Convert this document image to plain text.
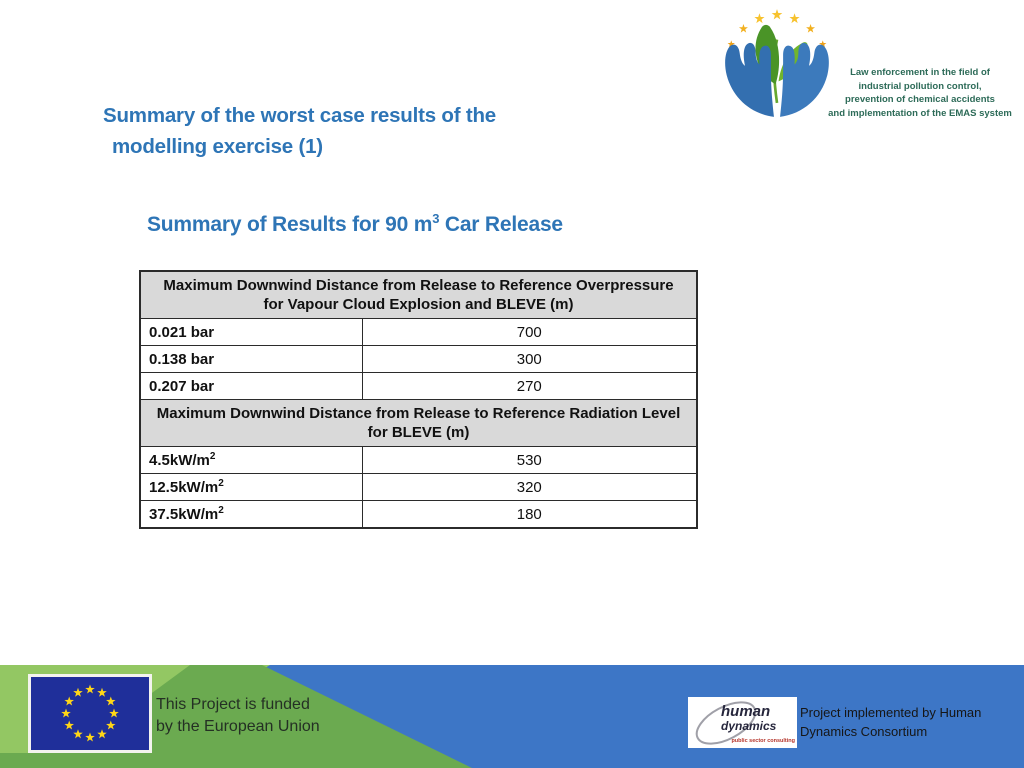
Law enforcement in the field of
industrial pollution control,
prevention of chemical accidents
and implementation of the EMAS system
Summary of the worst case results of the
modelling exercise (1)
Summary of Results for 90 $m^3$ Car Release
Maximum Downwind Distance from Release to Reference Overpressure for Vapour Cloud Explosion and BLEVE (m)	
0.021 bar	700
0.138 bar	300
0.207 bar	270
Maximum Downwind Distance from Release to Reference Radiation Level for BLEVE (m)	
$4.5kW/m^2$	530
$12.5kW/m^2$	320
$37.5kW/m^2$	180
This Project is funded
by the European Union
human
dynamics
public sector consulting
Project implemented by Human
Dynamics Consortium
